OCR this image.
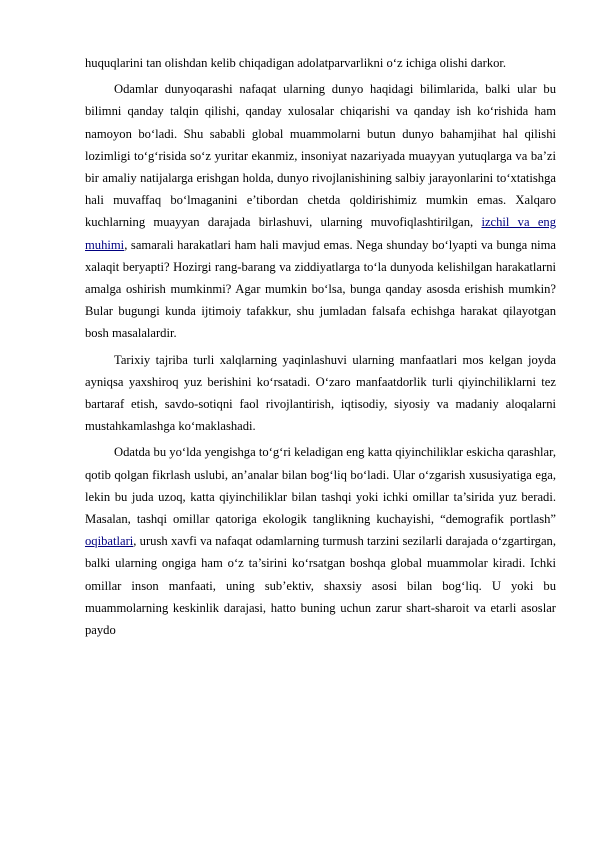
huquqlarini tan olishdan kelib chiqadigan adolatparvarlikni o‘z ichiga olishi darkor.

Odamlar dunyoqarashi nafaqat ularning dunyo haqidagi bilimlarida, balki ular bu bilimni qanday talqin qilishi, qanday xulosalar chiqarishi va qanday ish ko‘rishida ham namoyon bo‘ladi. Shu sababli global muammolarni butun dunyo bahamjihat hal qilishi lozimligi to‘g‘risida so‘z yuritar ekanmiz, insoniyat nazariyada muayyan yutuqlarga va ba’zi bir amaliy natijalarga erishgan holda, dunyo rivojlanishining salbiy jarayonlarini to‘xtatishga hali muvaffaq bo‘lmaganini e’tibordan chetda qoldirishimiz mumkin emas. Xalqaro kuchlarning muayyan darajada birlashuvi, ularning muvofiqlashtirilgan, izchil va eng muhimi, samarali harakatlari ham hali mavjud emas. Nega shunday bo‘lyapti va bunga nima xalaqit beryapti? Hozirgi rang-barang va ziddiyatlarga to‘la dunyoda kelishilgan harakatlarni amalga oshirish mumkinmi? Agar mumkin bo‘lsa, bunga qanday asosda erishish mumkin? Bular bugungi kunda ijtimoiy tafakkur, shu jumladan falsafa echishga harakat qilayotgan bosh masalalardir.

Tarixiy tajriba turli xalqlarning yaqinlashuvi ularning manfaatlari mos kelgan joyda ayniqsa yaxshiroq yuz berishini ko‘rsatadi. O‘zaro manfaatdorlik turli qiyinchiliklarni tez bartaraf etish, savdo-sotiqni faol rivojlantirish, iqtisodiy, siyosiy va madaniy aloqalarni mustahkamlashga ko‘maklashadi.

Odatda bu yo‘lda yengishga to‘g‘ri keladigan eng katta qiyinchiliklar eskicha qarashlar, qotib qolgan fikrlash uslubi, an’analar bilan bog‘liq bo‘ladi. Ular o‘zgarish xususiyatiga ega, lekin bu juda uzoq, katta qiyinchiliklar bilan tashqi yoki ichki omillar ta’sirida yuz beradi. Masalan, tashqi omillar qatoriga ekologik tanglikning kuchayishi, “demografik portlash” oqibatlari, urush xavfi va nafaqat odamlarning turmush tarzini sezilarli darajada o‘zgartirgan, balki ularning ongiga ham o‘z ta’sirini ko‘rsatgan boshqa global muammolar kiradi. Ichki omillar inson manfaati, uning sub’ektiv, shaxsiy asosi bilan bog‘liq. U yoki bu muammolarning keskinlik darajasi, hatto buning uchun zarur shart-sharoit va etarli asoslar paydo
